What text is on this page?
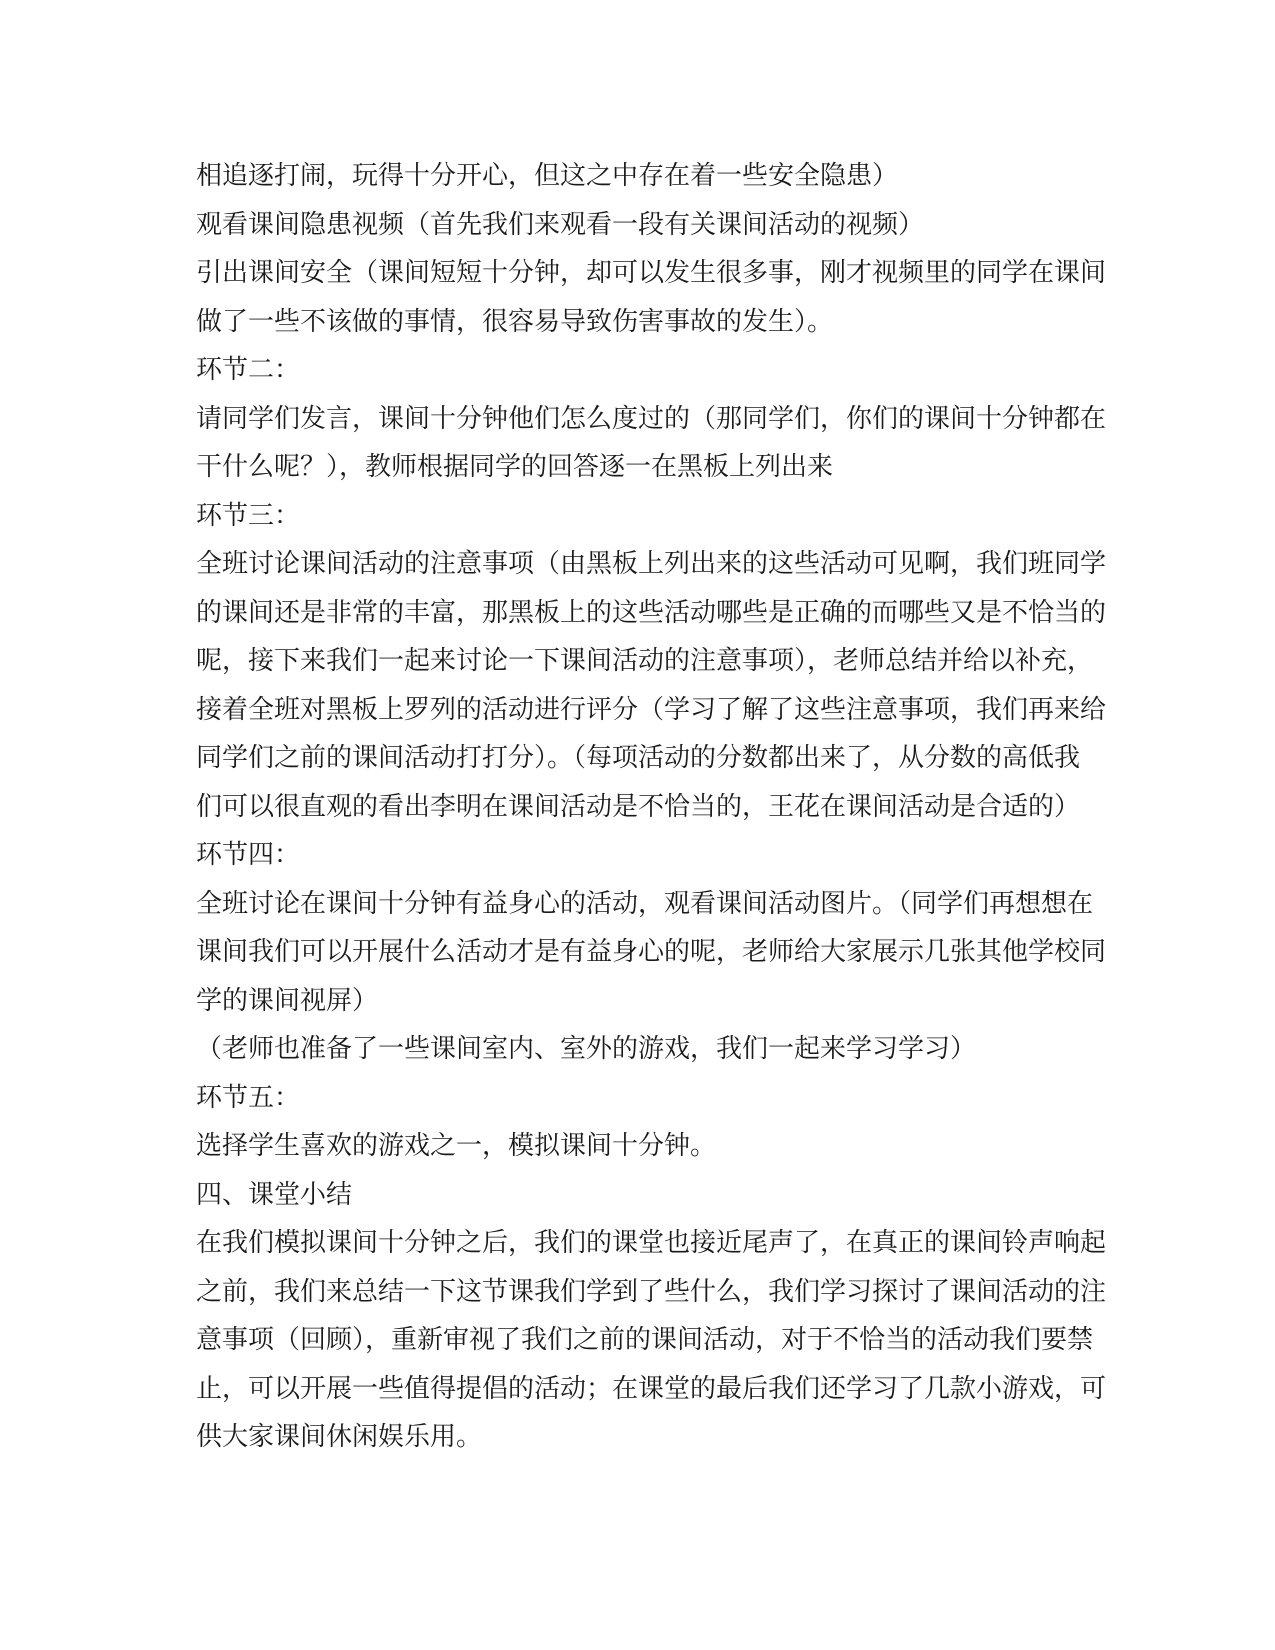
相追逐打闹，玩得十分开心，但这之中存在着一些安全隐患）
观看课间隐患视频（首先我们来观看一段有关课间活动的视频）
引出课间安全（课间短短十分钟，却可以发生很多事，刚才视频里的同学在课间
做了一些不该做的事情，很容易导致伤害事故的发生）。
环节二：
请同学们发言，课间十分钟他们怎么度过的（那同学们，你们的课间十分钟都在
干什么呢？），教师根据同学的回答逐一在黑板上列出来
环节三：
全班讨论课间活动的注意事项（由黑板上列出来的这些活动可见啊，我们班同学
的课间还是非常的丰富，那黑板上的这些活动哪些是正确的而哪些又是不恰当的
呢，接下来我们一起来讨论一下课间活动的注意事项），老师总结并给以补充，
接着全班对黑板上罗列的活动进行评分（学习了解了这些注意事项，我们再来给
同学们之前的课间活动打打分）。（每项活动的分数都出来了，从分数的高低我
们可以很直观的看出李明在课间活动是不恰当的，王花在课间活动是合适的）
环节四：
全班讨论在课间十分钟有益身心的活动，观看课间活动图片。（同学们再想想在
课间我们可以开展什么活动才是有益身心的呢，老师给大家展示几张其他学校同
学的课间视屏）
（老师也准备了一些课间室内、室外的游戏，我们一起来学习学习）
环节五：
选择学生喜欢的游戏之一，模拟课间十分钟。
四、课堂小结
在我们模拟课间十分钟之后，我们的课堂也接近尾声了，在真正的课间铃声响起
之前，我们来总结一下这节课我们学到了些什么，我们学习探讨了课间活动的注
意事项（回顾），重新审视了我们之前的课间活动，对于不恰当的活动我们要禁
止，可以开展一些值得提倡的活动；在课堂的最后我们还学习了几款小游戏，可
供大家课间休闲娱乐用。
